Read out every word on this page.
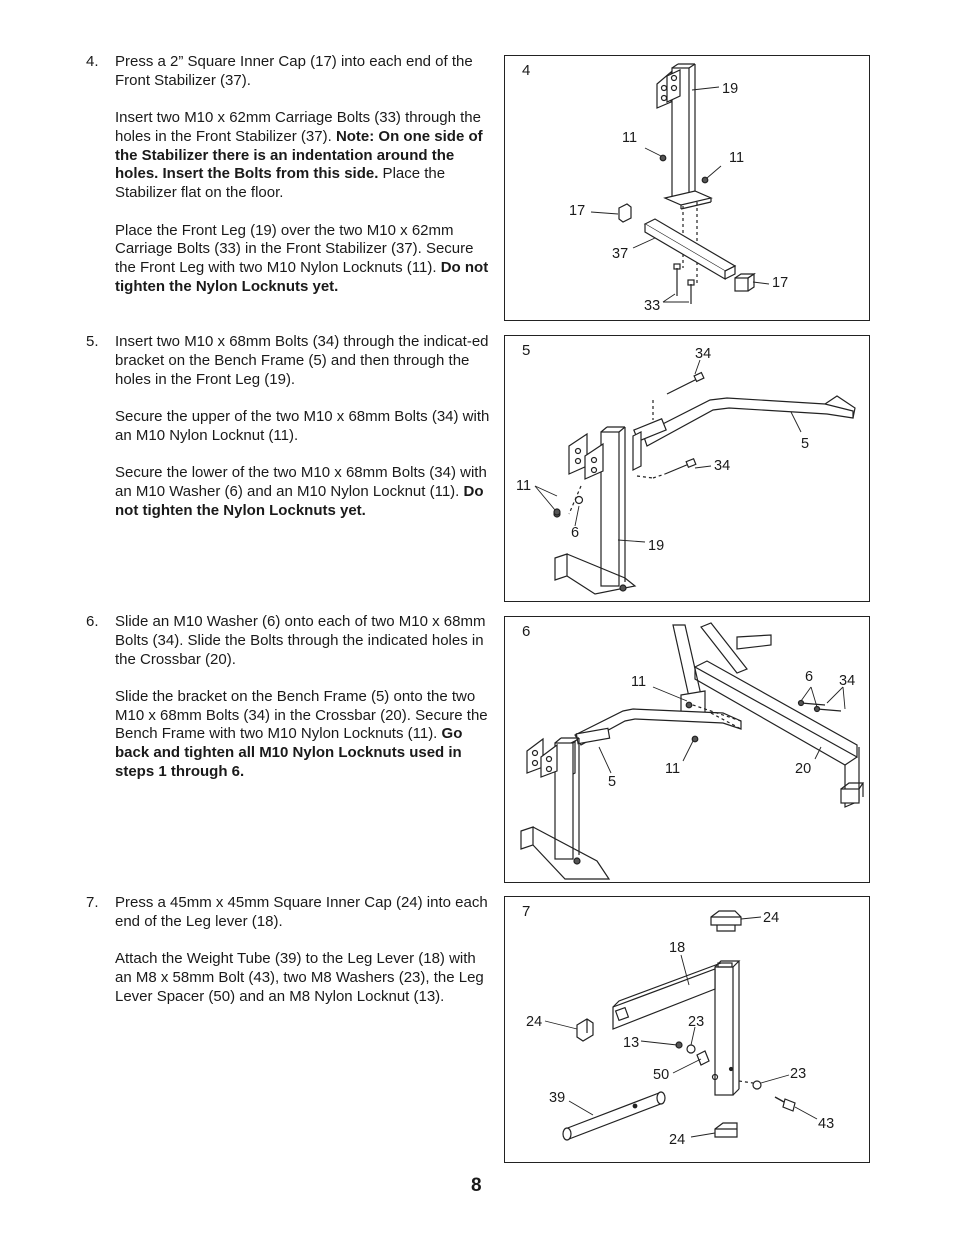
4. Press a 2” Square Inner Cap (17) into each end of the Front Stabilizer (37).

Insert two M10 x 62mm Carriage Bolts (33) through the holes in the Front Stabilizer (37). Note: On one side of the Stabilizer there is an indentation around the holes. Insert the Bolts from this side. Place the Stabilizer flat on the floor.

Place the Front Leg (19) over the two M10 x 62mm Carriage Bolts (33) in the Front Stabilizer (37). Secure the Front Leg with two M10 Nylon Locknuts (11). Do not tighten the Nylon Locknuts yet.

5. Insert two M10 x 68mm Bolts (34) through the indicat-ed bracket on the Bench Frame (5) and then through the holes in the Front Leg (19).

Secure the upper of the two M10 x 68mm Bolts (34) with an M10 Nylon Locknut (11).

Secure the lower of the two M10 x 68mm Bolts (34) with an M10 Washer (6) and an M10 Nylon Locknut (11). Do not tighten the Nylon Locknuts yet.

6. Slide an M10 Washer (6) onto each of two M10 x 68mm Bolts (34). Slide the Bolts through the indicated holes in the Crossbar (20).

Slide the bracket on the Bench Frame (5) onto the two M10 x 68mm Bolts (34) in the Crossbar (20). Secure the Bench Frame with two M10 Nylon Locknuts (11). Go back and tighten all M10 Nylon Locknuts used in steps 1 through 6.

7. Press a 45mm x 45mm Square Inner Cap (24) into each end of the Leg lever (18).

Attach the Weight Tube (39) to the Leg Lever (18) with an M8 x 58mm Bolt (43), two M8 Washers (23), the Leg Lever Spacer (50) and an M8 Nylon Locknut (13).

4
19
11
11
17
37
17
33
5	34
5
34
11
6
19
6
11	6 34
11	20
5
7	24
18
24	23
13
50	23
39
43
24
8
